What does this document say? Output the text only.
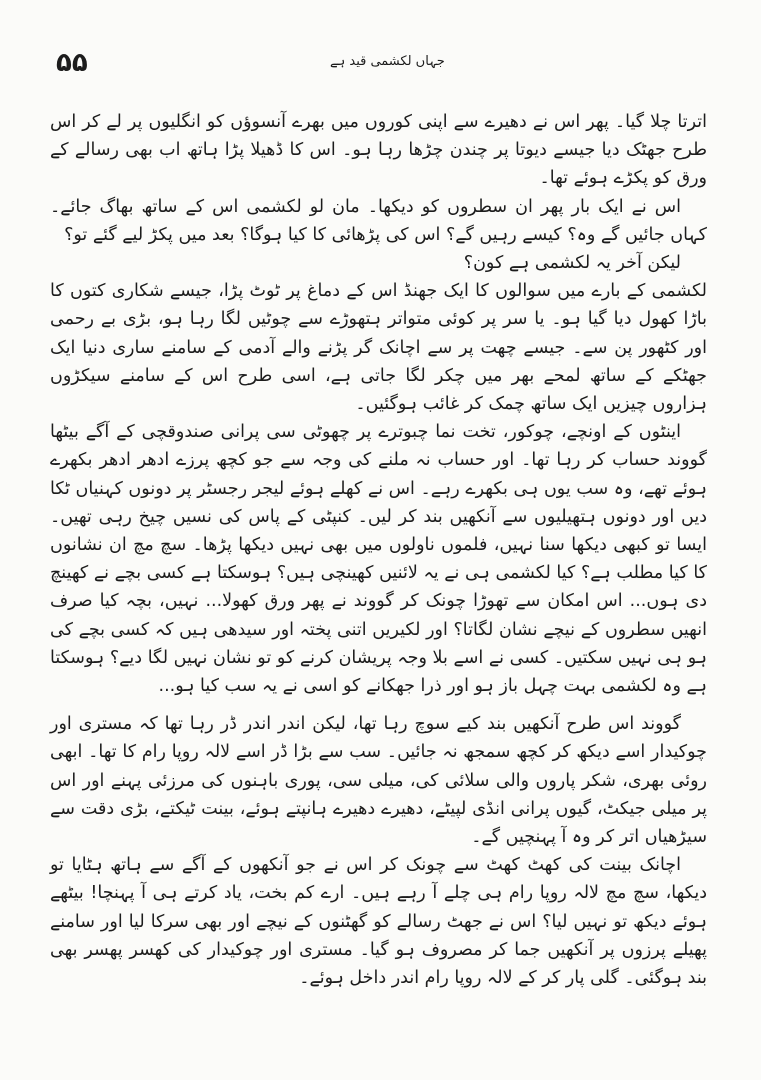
۵۵	جہاں لکشمی قید ہے

اترتا چلا گیا۔ پھر اس نے دھیرے سے اپنی کوروں میں بھرے آنسوؤں کو انگلیوں پر لے کر اس طرح جھٹک دیا جیسے دیوتا پر چندن چڑھا رہا ہو۔ اس کا ڈھیلا پڑا ہاتھ اب بھی رسالے کے ورق کو پکڑے ہوئے تھا۔

اس نے ایک بار پھر ان سطروں کو دیکھا۔ مان لو لکشمی اس کے ساتھ بھاگ جائے۔ کہاں جائیں گے وہ؟ کیسے رہیں گے؟ اس کی پڑھائی کا کیا ہوگا؟ بعد میں پکڑ لیے گئے تو؟

لیکن آخر یہ لکشمی ہے کون؟

لکشمی کے بارے میں سوالوں کا ایک جھنڈ اس کے دماغ پر ٹوٹ پڑا، جیسے شکاری کتوں کا باڑا کھول دیا گیا ہو۔ یا سر پر کوئی متواتر ہتھوڑے سے چوٹیں لگا رہا ہو، بڑی بے رحمی اور کٹھور پن سے۔ جیسے چھت پر سے اچانک گر پڑنے والے آدمی کے سامنے ساری دنیا ایک جھٹکے کے ساتھ لمحے بھر میں چکر لگا جاتی ہے، اسی طرح اس کے سامنے سیکڑوں ہزاروں چیزیں ایک ساتھ چمک کر غائب ہوگئیں۔

اینٹوں کے اونچے، چوکور، تخت نما چبوترے پر چھوٹی سی پرانی صندوقچی کے آگے بیٹھا گووند حساب کر رہا تھا۔ اور حساب نہ ملنے کی وجہ سے جو کچھ پرزے ادھر ادھر بکھرے ہوئے تھے، وہ سب یوں ہی بکھرے رہے۔ اس نے کھلے ہوئے لیجر رجسٹر پر دونوں کہنیاں ٹکا دیں اور دونوں ہتھیلیوں سے آنکھیں بند کر لیں۔ کنپٹی کے پاس کی نسیں چیخ رہی تھیں۔ ایسا تو کبھی دیکھا سنا نہیں، فلموں ناولوں میں بھی نہیں دیکھا پڑھا۔ سچ مچ ان نشانوں کا کیا مطلب ہے؟ کیا لکشمی ہی نے یہ لائنیں کھینچی ہیں؟ ہوسکتا ہے کسی بچے نے کھینچ دی ہوں... اس امکان سے تھوڑا چونک کر گووند نے پھر ورق کھولا... نہیں، بچہ کیا صرف انھیں سطروں کے نیچے نشان لگاتا؟ اور لکیریں اتنی پختہ اور سیدھی ہیں کہ کسی بچے کی ہو ہی نہیں سکتیں۔ کسی نے اسے بلا وجہ پریشان کرنے کو تو نشان نہیں لگا دیے؟ ہوسکتا ہے وہ لکشمی بہت چہل باز ہو اور ذرا جھکانے کو اسی نے یہ سب کیا ہو...

گووند اس طرح آنکھیں بند کیے سوچ رہا تھا، لیکن اندر اندر ڈر رہا تھا کہ مستری اور چوکیدار اسے دیکھ کر کچھ سمجھ نہ جائیں۔ سب سے بڑا ڈر اسے لالہ روپا رام کا تھا۔ ابھی روئی بھری، شکر پاروں والی سلائی کی، میلی سی، پوری باہنوں کی مرزئی پہنے اور اس پر میلی جیکٹ، گیوں پرانی انڈی لپیٹے، دھیرے دھیرے ہانپتے ہوئے، بینت ٹیکتے، بڑی دقت سے سیڑھیاں اتر کر وہ آ پہنچیں گے۔

اچانک بینت کی کھٹ کھٹ سے چونک کر اس نے جو آنکھوں کے آگے سے ہاتھ ہٹایا تو دیکھا، سچ مچ لالہ روپا رام ہی چلے آ رہے ہیں۔ ارے کم بخت، یاد کرتے ہی آ پہنچا! بیٹھے ہوئے دیکھ تو نہیں لیا؟ اس نے جھٹ رسالے کو گھٹنوں کے نیچے اور بھی سرکا لیا اور سامنے پھیلے پرزوں پر آنکھیں جما کر مصروف ہو گیا۔ مستری اور چوکیدار کی کھسر پھسر بھی بند ہوگئی۔ گلی پار کر کے لالہ روپا رام اندر داخل ہوئے۔
